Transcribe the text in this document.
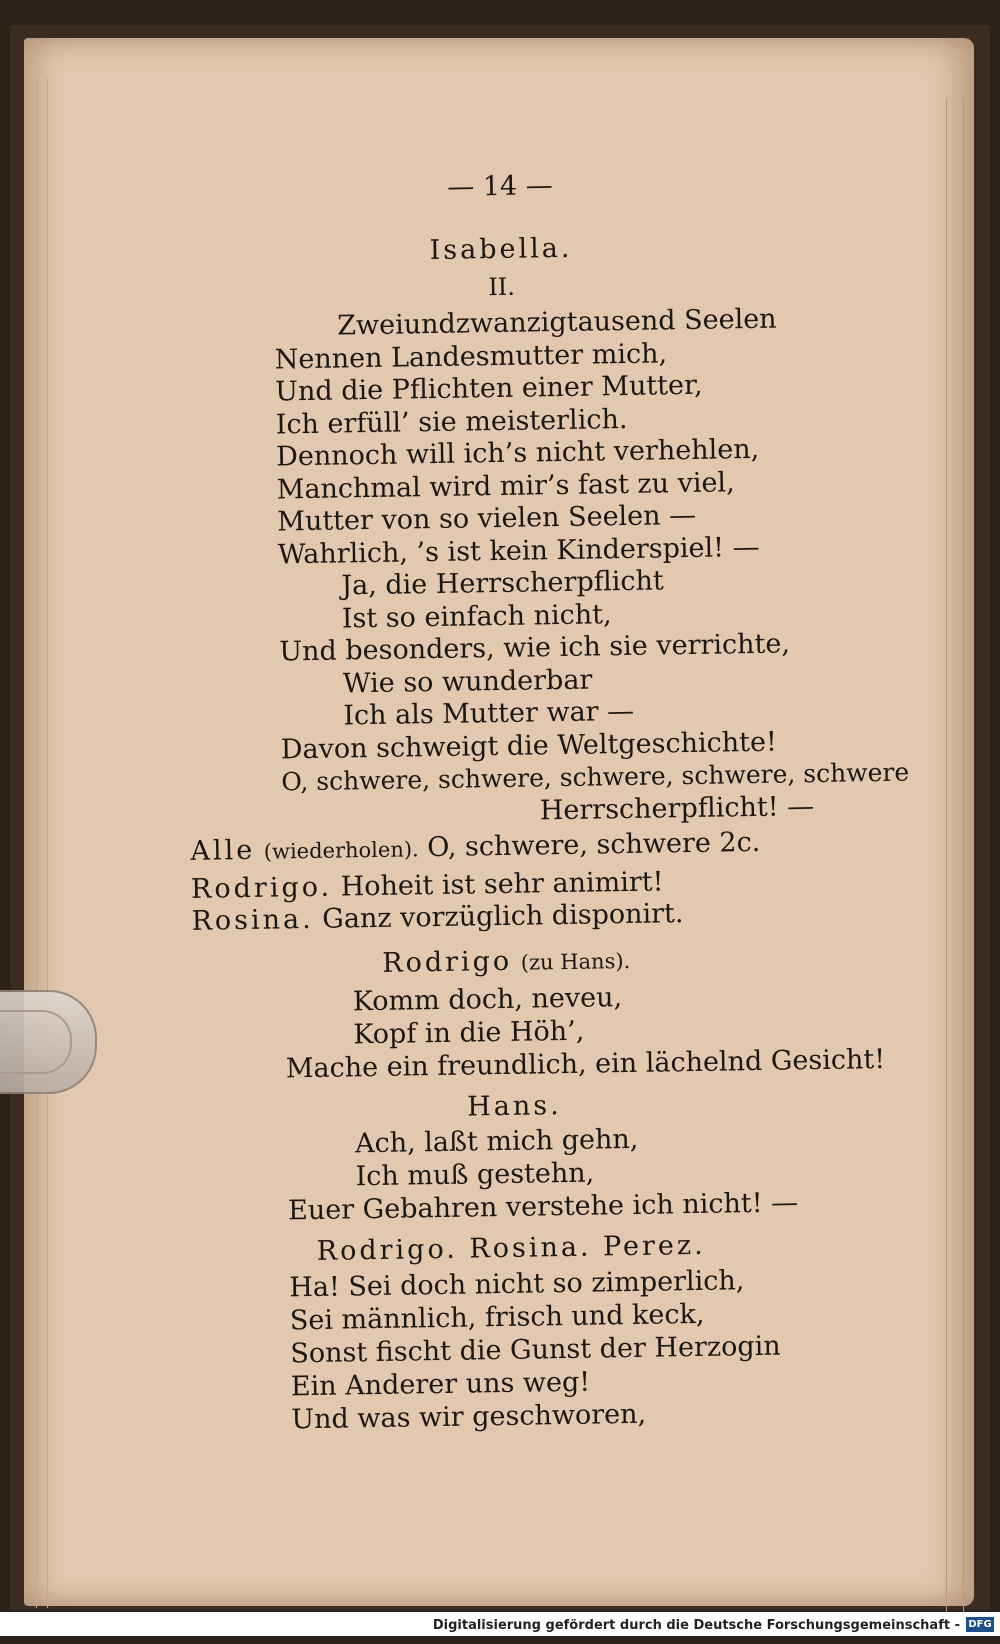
— 14 —
Isabella.
II.
Zweiundzwanzigtausend Seelen
Nennen Landesmutter mich,
Und die Pflichten einer Mutter,
Ich erfüll’ sie meisterlich.
Dennoch will ich’s nicht verhehlen,
Manchmal wird mir’s fast zu viel,
Mutter von so vielen Seelen —
Wahrlich, ’s ist kein Kinderspiel! —
Ja, die Herrscherpflicht
Ist so einfach nicht,
Und besonders, wie ich sie verrichte,
Wie so wunderbar
Ich als Mutter war —
Davon schweigt die Weltgeschichte!
O, schwere, schwere, schwere, schwere, schwere
Herrscherpflicht! —
Alle (wiederholen). O, schwere, schwere 2c.
Rodrigo. Hoheit ist sehr animirt!
Rosina. Ganz vorzüglich disponirt.
Rodrigo (zu Hans).
Komm doch, neveu,
Kopf in die Höh’,
Mache ein freundlich, ein lächelnd Gesicht!
Hans.
Ach, laßt mich gehn,
Ich muß gestehn,
Euer Gebahren verstehe ich nicht! —
Rodrigo. Rosina. Perez.
Ha! Sei doch nicht so zimperlich,
Sei männlich, frisch und keck,
Sonst fischt die Gunst der Herzogin
Ein Anderer uns weg!
Und was wir geschworen,
Digitalisierung gefördert durch die Deutsche Forschungsgemeinschaft - DFG
